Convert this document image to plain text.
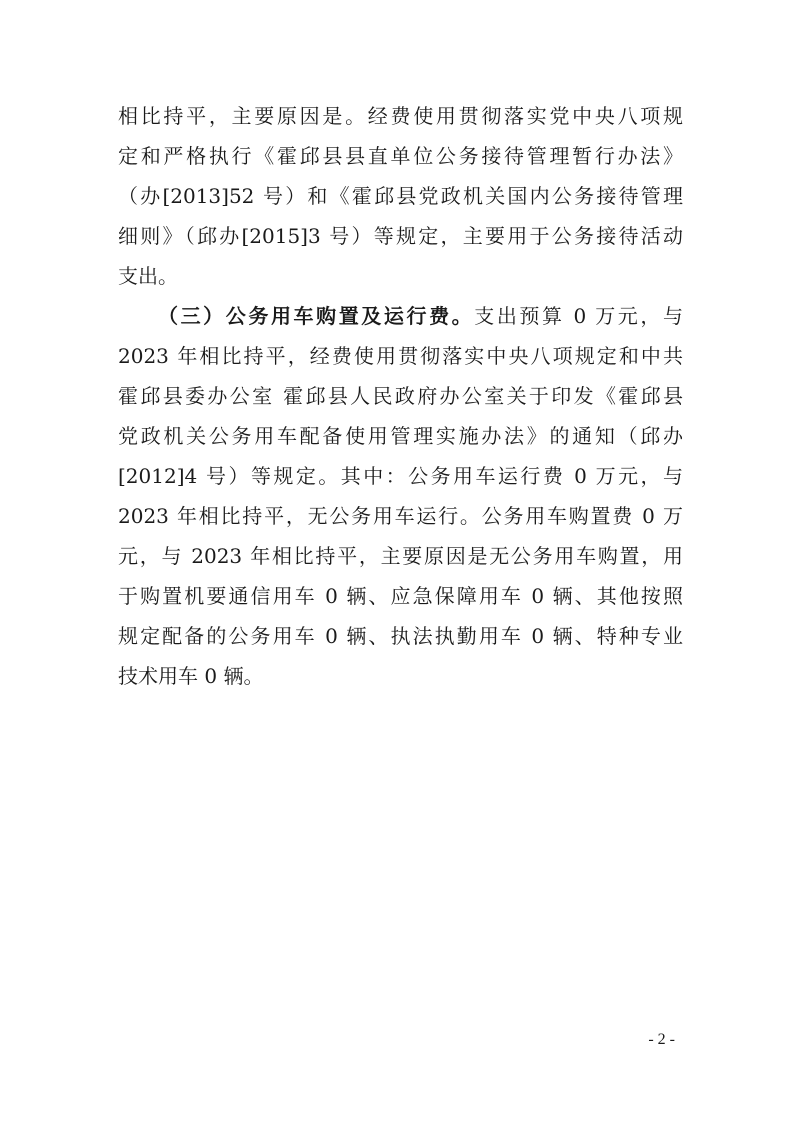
相比持平，主要原因是。经费使用贯彻落实党中央八项规
定和严格执行《霍邱县县直单位公务接待管理暂行办法》
（办[2013]52 号）和《霍邱县党政机关国内公务接待管理
细则》（邱办[2015]3 号）等规定，主要用于公务接待活动
支出。
（三）公务用车购置及运行费。支出预算 0 万元，与
2023 年相比持平，经费使用贯彻落实中央八项规定和中共
霍邱县委办公室 霍邱县人民政府办公室关于印发《霍邱县
党政机关公务用车配备使用管理实施办法》的通知（邱办
[2012]4 号）等规定。其中：公务用车运行费 0 万元，与
2023 年相比持平，无公务用车运行。公务用车购置费 0 万
元，与 2023 年相比持平，主要原因是无公务用车购置，用
于购置机要通信用车 0 辆、应急保障用车 0 辆、其他按照
规定配备的公务用车 0 辆、执法执勤用车 0 辆、特种专业
技术用车 0 辆。
- 2 -
